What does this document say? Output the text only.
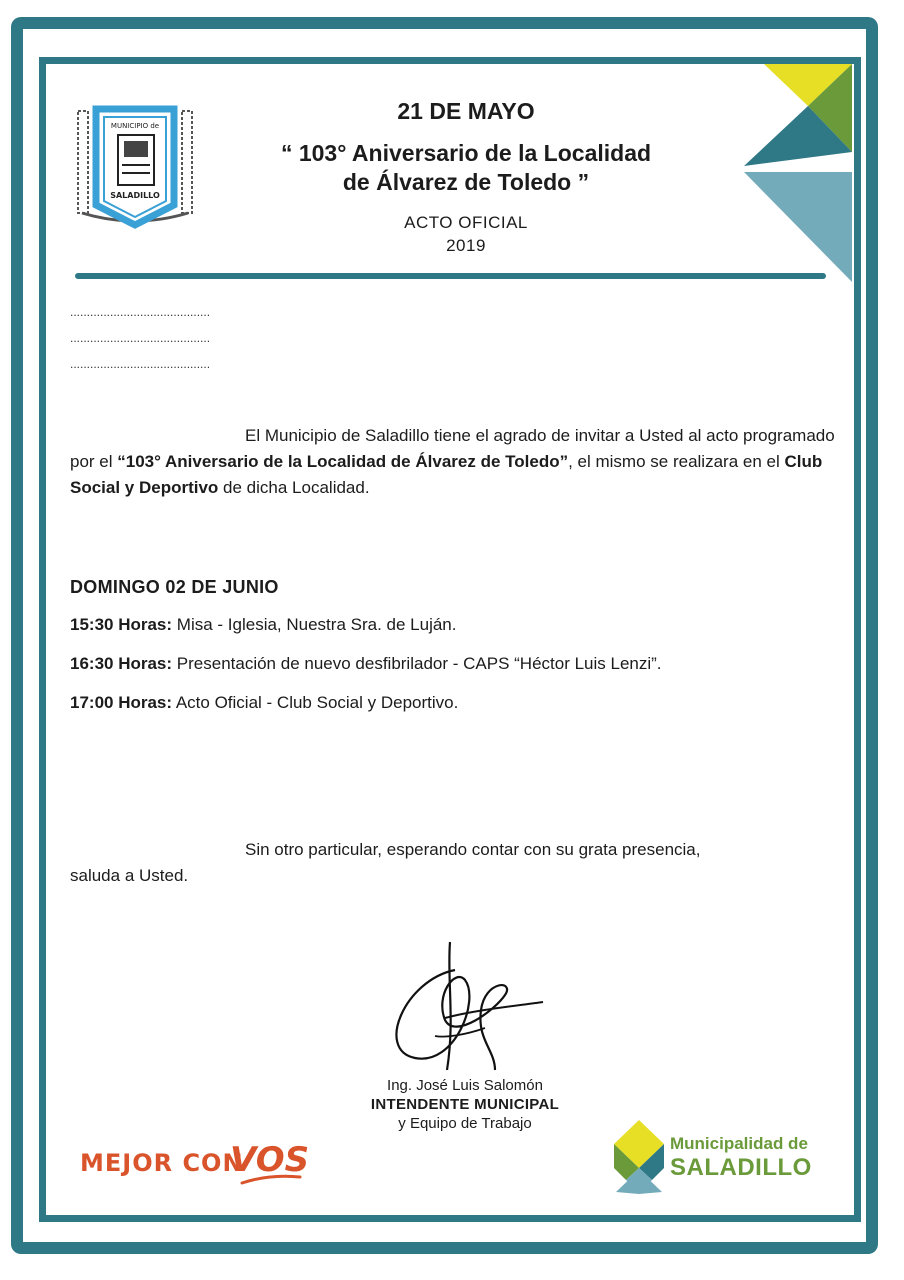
MUNICIPIO de
SALADILLO
21 DE MAYO
“ 103° Aniversario de la Localidad
de Álvarez de Toledo ”
ACTO OFICIAL
2019
..........................................
..........................................
..........................................
El Municipio de Saladillo tiene el agrado de invitar a Usted al acto programado por el “103° Aniversario de la Localidad de Álvarez de Toledo”, el mismo se realizara en el Club Social y Deportivo de dicha Localidad.
DOMINGO 02 DE JUNIO
15:30 Horas: Misa - Iglesia, Nuestra Sra. de Luján.
16:30 Horas: Presentación de nuevo desfibrilador - CAPS “Héctor Luis Lenzi”.
17:00 Horas: Acto Oficial - Club Social y Deportivo.
Sin otro particular, esperando contar con su grata presencia,
saluda a Usted.
Ing. José Luis Salomón
INTENDENTE MUNICIPAL
y Equipo de Trabajo
MEJOR CON
VOS	Municipalidad de
SALADILLO
